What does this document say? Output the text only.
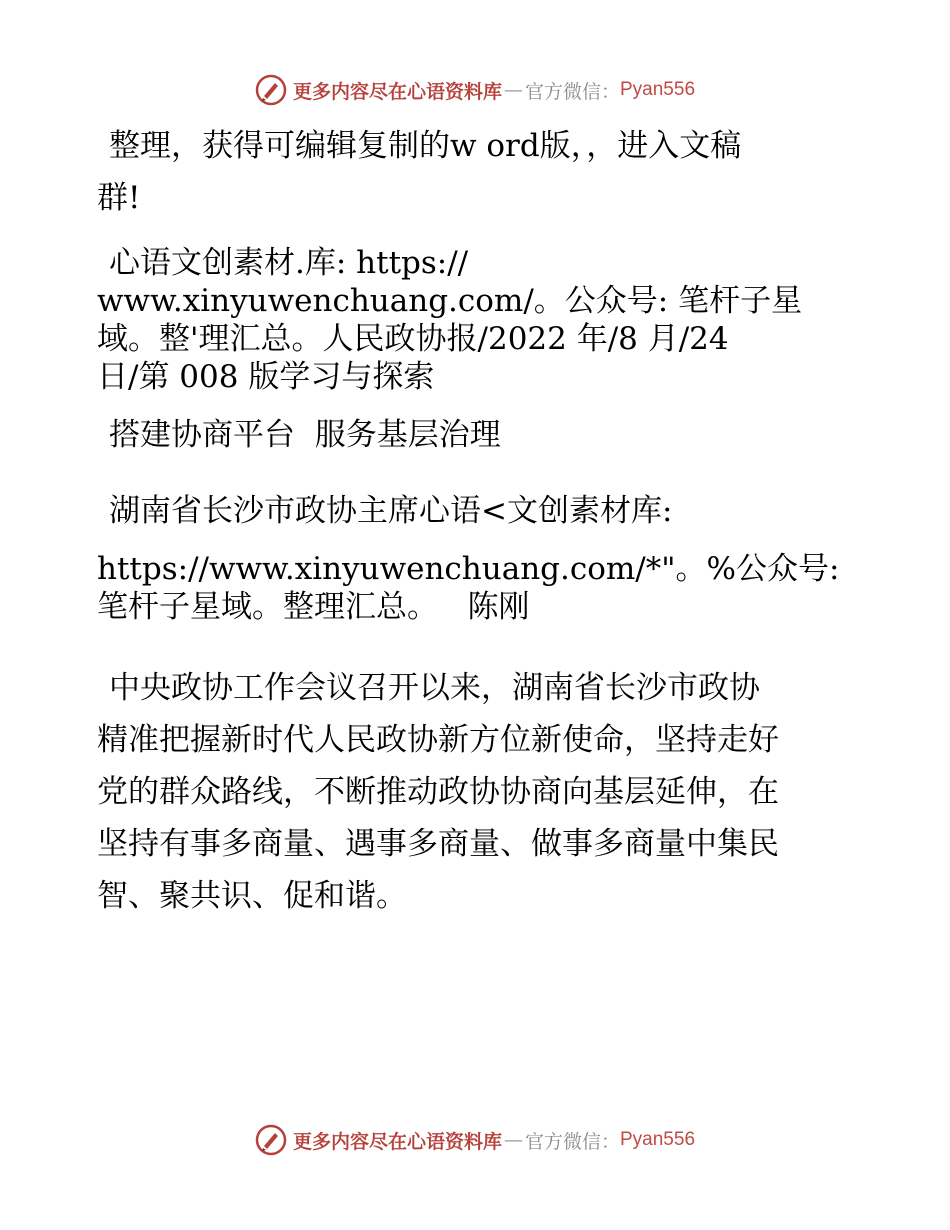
更多内容尽在心语资料库 — 官方微信： Pyan556
整理，获得可编辑复制的w ord版，，进入文稿
群!
心语文创素材.库: https://
www.xinyuwenchuang.com/。公众号: 笔杆子星
域。整'理汇总。人民政协报/2022 年/8 月/24
日/第 008 版学习与探索
搭建协商平台  服务基层治理
湖南省长沙市政协主席心语<文创素材库:
https://www.xinyuwenchuang.com/*"。%公众号:
笔杆子星域。整理汇总。   陈刚
中央政协工作会议召开以来，湖南省长沙市政协
精准把握新时代人民政协新方位新使命，坚持走好
党的群众路线，不断推动政协协商向基层延伸，在
坚持有事多商量、遇事多商量、做事多商量中集民
智、聚共识、促和谐。
更多内容尽在心语资料库 — 官方微信： Pyan556
